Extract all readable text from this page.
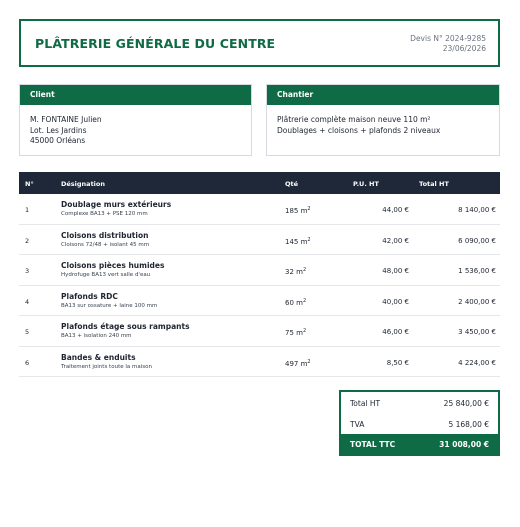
PLÂTRERIE GÉNÉRALE DU CENTRE	Devis N° 2024-9285
23/06/2026
Client
M. FONTAINE Julien
Lot. Les Jardins
45000 Orléans
Chantier
Plâtrerie complète maison neuve 110 m²
Doublages + cloisons + plafonds 2 niveaux
N°	Désignation	Qté	P.U. HT	Total HT
1
Doublage murs extérieurs
Complexe BA13 + PSE 120 mm	185 $m^2$	44,00 €	8 140,00 €
2
Cloisons distribution
Cloisons 72/48 + isolant 45 mm	145 $m^2$	42,00 €	6 090,00 €
3
Cloisons pièces humides
Hydrofuge BA13 vert salle d'eau	32 $m^2$	48,00 €	1 536,00 €
4
Plafonds RDC
BA13 sur ossature + laine 100 mm	60 $m^2$	40,00 €	2 400,00 €
5
Plafonds étage sous rampants
BA13 + isolation 240 mm	75 $m^2$	46,00 €	3 450,00 €
6
Bandes & enduits
Traitement joints toute la maison	497 $m^2$	8,50 €	4 224,00 €
Total HT	25 840,00 €
TVA	5 168,00 €
TOTAL TTC	31 008,00 €
